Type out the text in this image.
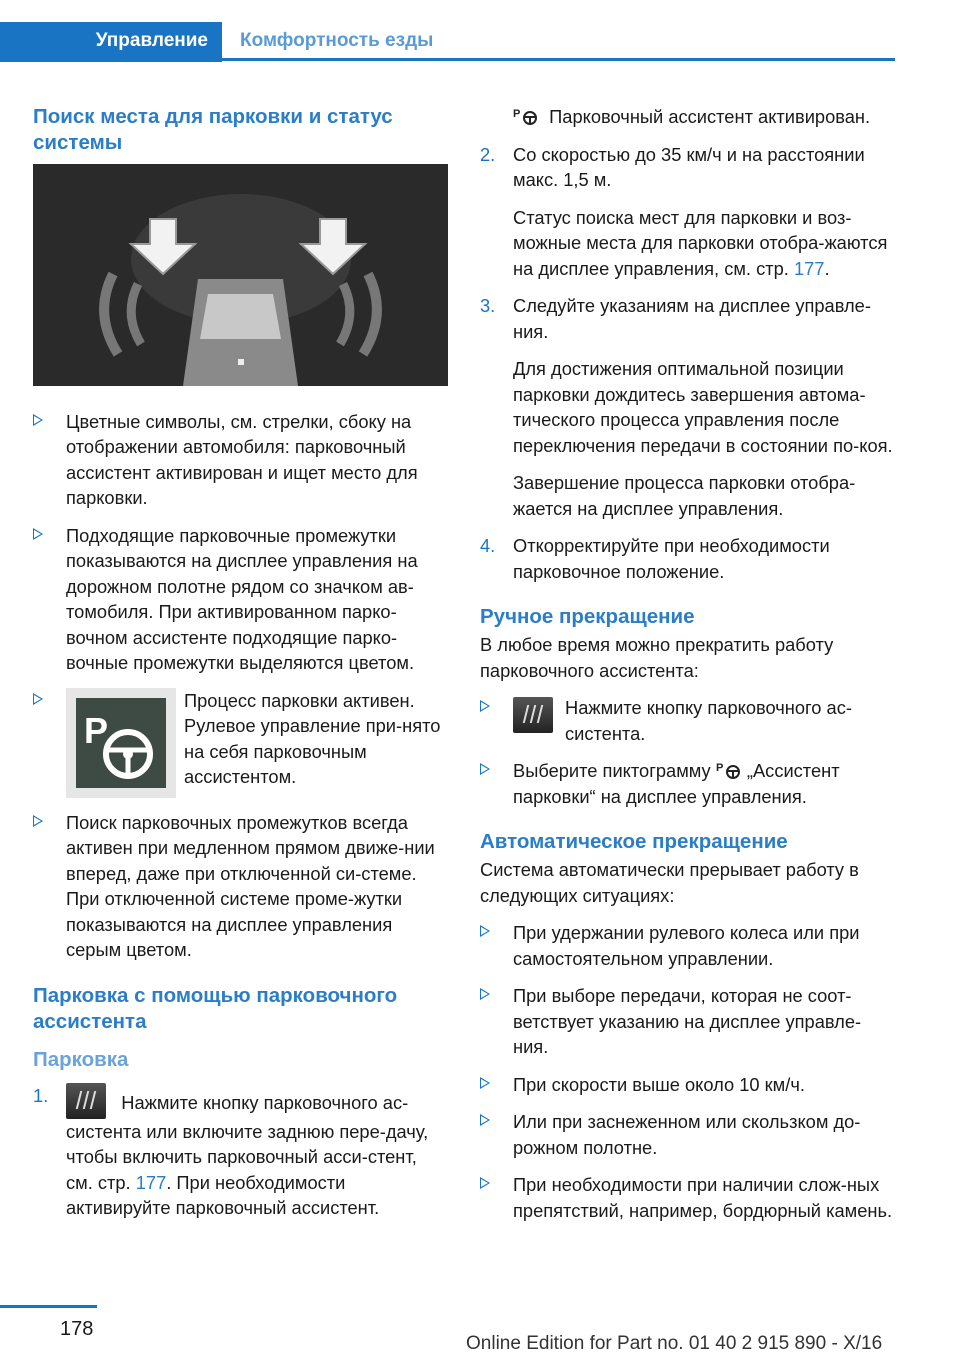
Управление Комфортность езды
Поиск места для парковки и статус системы
Цветные символы, см. стрелки, сбоку на отображении автомобиля: парковочный ассистент активирован и ищет место для парковки.
Подходящие парковочные промежутки показываются на дисплее управления на дорожном полотне рядом со значком ав-томобиля. При активированном парко-вочном ассистенте подходящие парко-вочные промежутки выделяются цветом.
P
Процесс парковки активен. Рулевое управление при-нято на себя парковочным ассистентом.
Поиск парковочных промежутков всегда активен при медленном прямом движе-нии вперед, даже при отключенной си-стеме. При отключенной системе проме-жутки показываются на дисплее управления серым цветом.
Парковка с помощью парковочного ассистента
Парковка
1.	Нажмите кнопку парковочного ас-систента или включите заднюю пере-дачу, чтобы включить парковочный асси-стент, см. стр. 177. При необходимости активируйте парковочный ассистент.
P Парковочный ассистент активирован.
2. Со скоростью до 35 км/ч и на расстоянии макс. 1,5 м.
Статус поиска мест для парковки и воз-можные места для парковки отобра-жаются на дисплее управления, см. стр. 177.
3. Следуйте указаниям на дисплее управле-ния.
Для достижения оптимальной позиции парковки дождитесь завершения автома-тического процесса управления после переключения передачи в состоянии по-коя.
Завершение процесса парковки отобра-жается на дисплее управления.
4. Откорректируйте при необходимости парковочное положение.
Ручное прекращение

В любое время можно прекратить работу парковочного ассистента:

Нажмите кнопку парковочного ас-систента.
Выберите пиктограмму P „Ассистент парковки“ на дисплее управления.
Автоматическое прекращение

Система автоматически прерывает работу в следующих ситуациях:

При удержании рулевого колеса или при самостоятельном управлении.
При выборе передачи, которая не соот-ветствует указанию на дисплее управле-ния.
При скорости выше около 10 км/ч.
Или при заснеженном или скользком до-рожном полотне.
При необходимости при наличии слож-ных препятствий, например, бордюрный камень.
178
Online Edition for Part no. 01 40 2 915 890 - X/16
